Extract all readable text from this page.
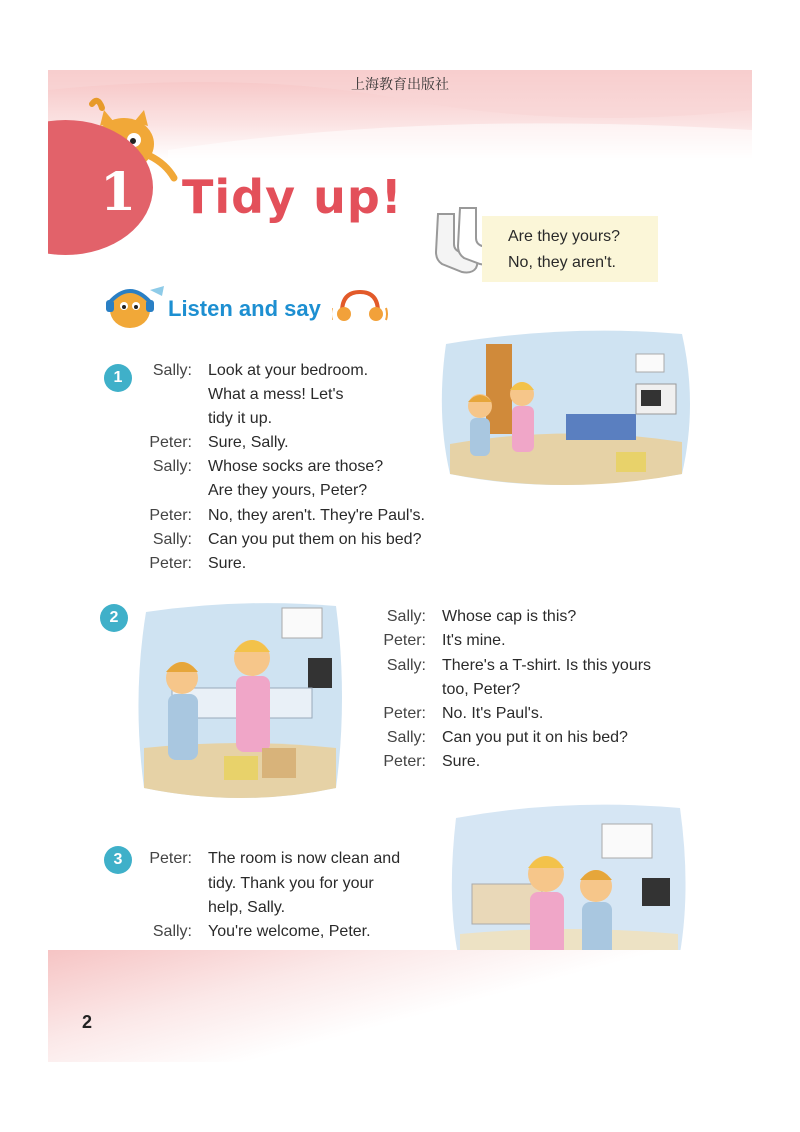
上海教育出版社
1 Tidy up!
Are they yours?
No, they aren't.
Listen and say
1	Sally: Look at your bedroom.
What a mess! Let's
tidy it up.
Peter: Sure, Sally.
Sally: Whose socks are those?
Are they yours, Peter?
Peter: No, they aren't. They're Paul's.
Sally: Can you put them on his bed?
Peter: Sure.
2	Sally: Whose cap is this?
Peter: It's mine.
Sally: There's a T-shirt. Is this yours
too, Peter?
Peter: No. It's Paul's.
Sally: Can you put it on his bed?
Peter: Sure.
3	Peter: The room is now clean and
tidy. Thank you for your
help, Sally.
Sally: You're welcome, Peter.
2
